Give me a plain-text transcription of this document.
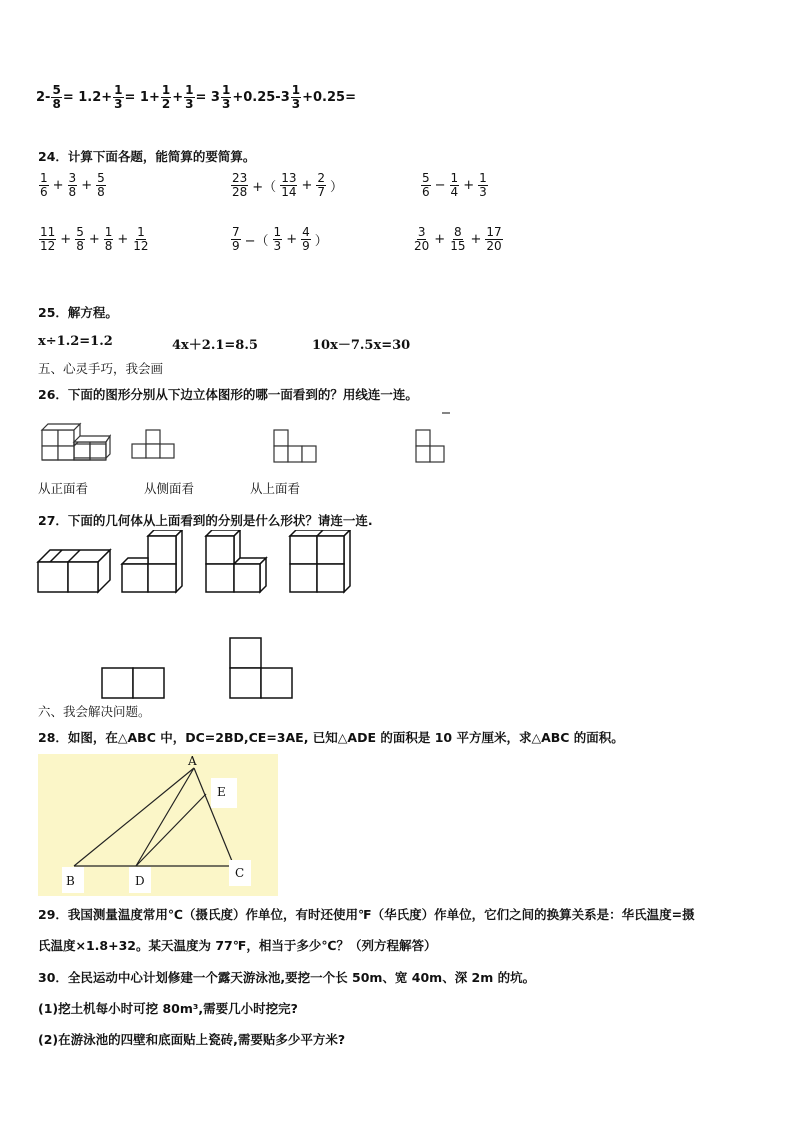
$2- \frac{5}{8} = 1.2+ \frac{1}{3} = 1+ \frac{1}{2} + \frac{1}{3} = 3 \frac{1}{3} +0.25-3 \frac{1}{3} +0.25=$
24．计算下面各题，能简算的要简算。
$\frac{1}{6} + \frac{3}{8} + \frac{5}{8}$	$\frac{23}{28}$ +（ $\frac{13}{14} + \frac{2}{7}$ ）	$\frac{5}{6} - \frac{1}{4} + \frac{1}{3}$
$\frac{11}{12} + \frac{5}{8} + \frac{1}{8} + \frac{1}{12}$	$\frac{7}{9}$ −（ $\frac{1}{3} + \frac{4}{9}$ ）	$\frac{3}{20} + \frac{8}{15} + \frac{17}{20}$
25．解方程。
x÷1.2=1.2	4x＋2.1=8.5	10x－7.5x=30
五、心灵手巧，我会画
26．下面的图形分别从下边立体图形的哪一面看到的？用线连一连。
从正面看	从侧面看	从上面看
27．下面的几何体从上面看到的分别是什么形状？请连一连.
六、我会解决问题。
28．如图，在△ABC 中，DC=2BD,CE=3AE, 已知△ADE 的面积是 10 平方厘米，求△ABC 的面积。
A
E
B	D
C
29．我国测量温度常用℃（摄氏度）作单位，有时还使用℉（华氏度）作单位，它们之间的换算关系是：华氏温度=摄
氏温度×1.8+32。某天温度为 77℉，相当于多少℃？（列方程解答）
30．全民运动中心计划修建一个露天游泳池,要挖一个长 50m、宽 40m、深 2m 的坑。
(1)挖土机每小时可挖 80m³,需要几小时挖完?
(2)在游泳池的四壁和底面贴上瓷砖,需要贴多少平方米?
